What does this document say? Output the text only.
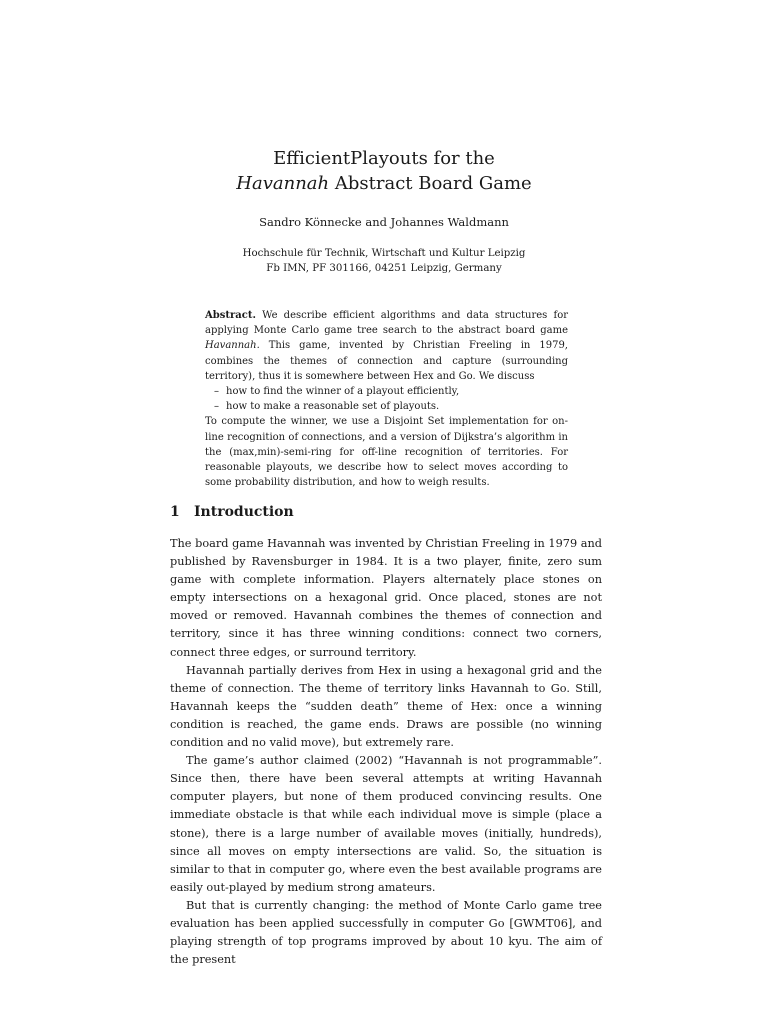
EfficientPlayouts for the
Havannah Abstract Board Game
Sandro Könnecke and Johannes Waldmann
Hochschule für Technik, Wirtschaft und Kultur Leipzig
Fb IMN, PF 301166, 04251 Leipzig, Germany

Abstract. We describe efficient algorithms and data structures for applying Monte Carlo game tree search to the abstract board game Havannah. This game, invented by Christian Freeling in 1979, combines the themes of connection and capture (surrounding territory), thus it is somewhere between Hex and Go. We discuss

– how to find the winner of a playout efficiently,
– how to make a reasonable set of playouts.

To compute the winner, we use a Disjoint Set implementation for on-line recognition of connections, and a version of Dijkstra’s algorithm in the (max,min)-semi-ring for off-line recognition of territories. For reasonable playouts, we describe how to select moves according to some probability distribution, and how to weigh results.

1 Introduction

The board game Havannah was invented by Christian Freeling in 1979 and published by Ravensburger in 1984. It is a two player, finite, zero sum game with complete information. Players alternately place stones on empty intersections on a hexagonal grid. Once placed, stones are not moved or removed. Havannah combines the themes of connection and territory, since it has three winning conditions: connect two corners, connect three edges, or surround territory.

Havannah partially derives from Hex in using a hexagonal grid and the theme of connection. The theme of territory links Havannah to Go. Still, Havannah keeps the “sudden death” theme of Hex: once a winning condition is reached, the game ends. Draws are possible (no winning condition and no valid move), but extremely rare.

The game’s author claimed (2002) “Havannah is not programmable”. Since then, there have been several attempts at writing Havannah computer players, but none of them produced convincing results. One immediate obstacle is that while each individual move is simple (place a stone), there is a large number of available moves (initially, hundreds), since all moves on empty intersections are valid. So, the situation is similar to that in computer go, where even the best available programs are easily out-played by medium strong amateurs.

But that is currently changing: the method of Monte Carlo game tree evaluation has been applied successfully in computer Go [GWMT06], and playing strength of top programs improved by about 10 kyu. The aim of the present
